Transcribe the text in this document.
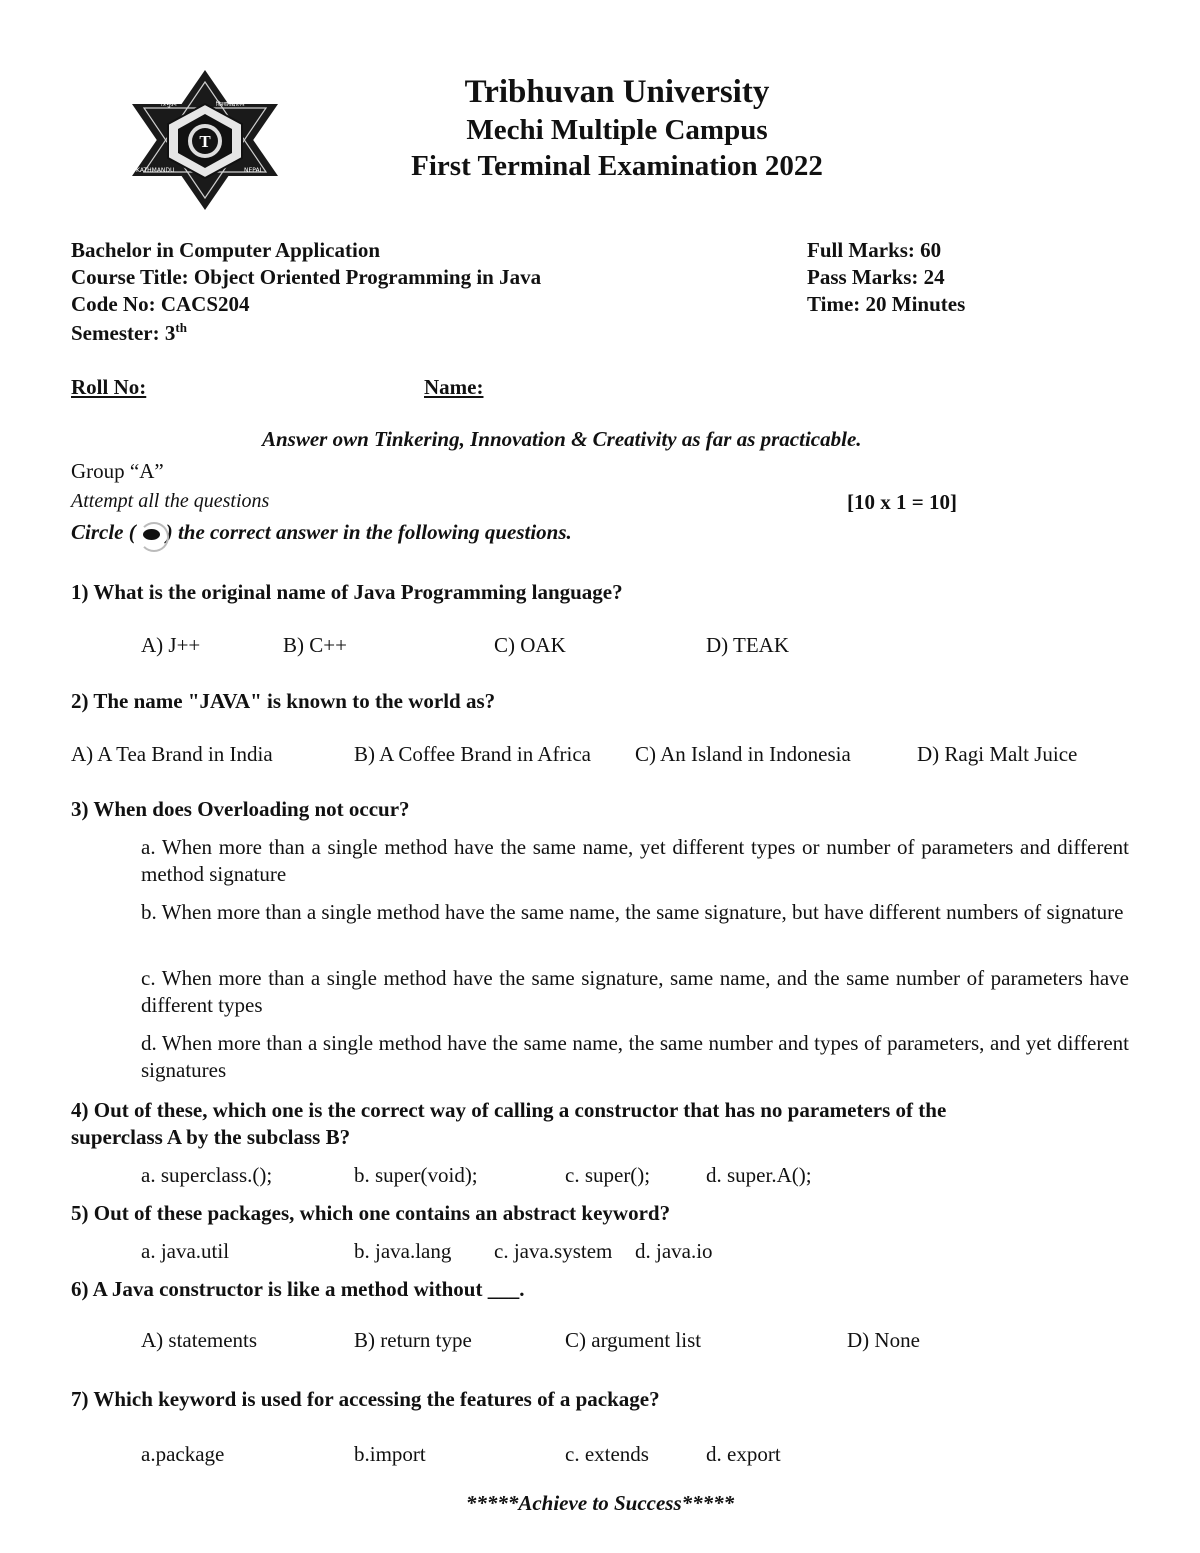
T
त्रिभुवन	विश्वविद्यालय
KATHMANDU	NEPAL
Tribhuvan University
Mechi Multiple Campus
First Terminal Examination 2022
Bachelor in Computer Application
Course Title: Object Oriented Programming in Java
Code No: CACS204
Semester: 3th
Full Marks: 60
Pass Marks: 24
Time: 20 Minutes
Roll No:	Name:
Answer own Tinkering, Innovation & Creativity as far as practicable.
Group “A”
Attempt all the questions	[10 x 1 = 10]
Circle ( ) the correct answer in the following questions.
1) What is the original name of Java Programming language?
A) J++	B) C++	C) OAK	D) TEAK
2) The name "JAVA" is known to the world as?
A) A Tea Brand in India	B) A Coffee Brand in Africa C) An Island in Indonesia	D) Ragi Malt Juice
3) When does Overloading not occur?
a. When more than a single method have the same name, yet different types or number of parameters and different method signature
b. When more than a single method have the same name, the same signature, but have different numbers of signature
c. When more than a single method have the same signature, same name, and the same number of parameters have different types
d. When more than a single method have the same name, the same number and types of parameters, and yet different signatures
4) Out of these, which one is the correct way of calling a constructor that has no parameters of the
superclass A by the subclass B?
a. superclass.();	b. super(void);	c. super();	d. super.A();
5) Out of these packages, which one contains an abstract keyword?
a. java.util	b. java.lang c. java.system d. java.io
6) A Java constructor is like a method without ___.
A) statements	B) return type	C) argument list	D) None
7) Which keyword is used for accessing the features of a package?
a.package	b.import	c. extends	d. export
*****Achieve to Success*****
